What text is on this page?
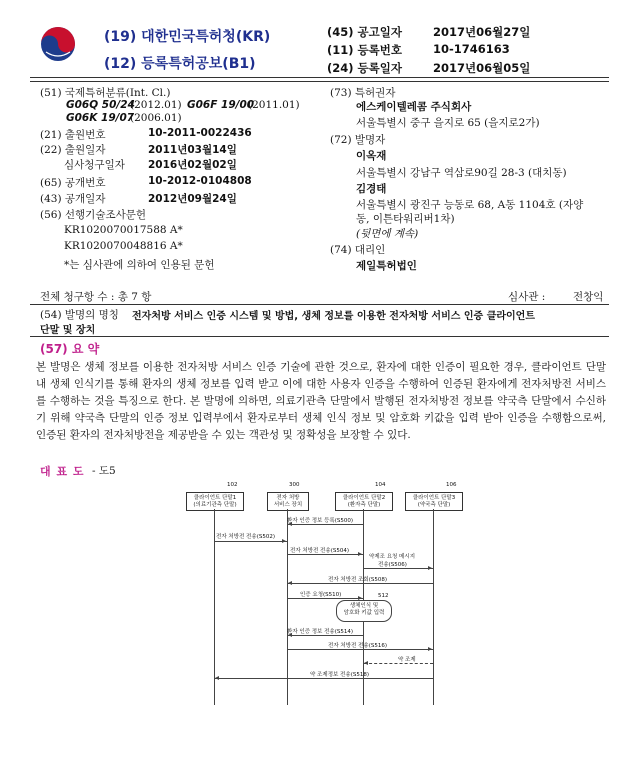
(19) 대한민국특허청(KR)
(12) 등록특허공보(B1)
(45) 공고일자	2017년06월27일
(11) 등록번호	10-1746163
(24) 등록일자	2017년06월05일
(51) 국제특허분류(Int. Cl.)
G06Q 50/24
(2012.01) G06F 19/00
(2011.01)
G06K 19/07
(2006.01)
(21) 출원번호	10-2011-0022436
(22) 출원일자	2011년03월14일
심사청구일자 2016년02월02일
(65) 공개번호	10-2012-0104808
(43) 공개일자	2012년09월24일
(56) 선행기술조사문헌
KR1020070017588 A*
KR1020070048816 A*
*는 심사관에 의하여 인용된 문헌
(73) 특허권자
에스케이텔레콤 주식회사
서울특별시 중구 을지로 65 (을지로2가)
(72) 발명자
이옥재
서울특별시 강남구 역삼로90길 28-3 (대치동)
김경태
서울특별시 광진구 능동로 68, A동 1104호 (자양
동, 이튼타워리버1차)
(뒷면에 계속)
(74) 대리인
제일특허법인
전체 청구항 수 : 총 7 항	심사관 :	전창익
(54) 발명의 명칭 전자처방 서비스 인증 시스템 및 방법, 생체 정보를 이용한 전자처방 서비스 인증 클라이언트
단말 및 장치
(57) 요 약
본 발명은 생체 정보를 이용한 전자처방 서비스 인증 기술에 관한 것으로, 환자에 대한 인증이 필요한 경우, 클라이언트 단말 내 생체 인식기를 통해 환자의 생체 정보를 입력 받고 이에 대한 사용자 인증을 수행하여 인증된 환자에게 전자처방전 서비스를 수행하는 것을 특징으로 한다. 본 발명에 의하면, 의료기관측 단말에서 발행된 전자처방전 정보를 약국측 단말에서 수신하기 위해 약국측 단말의 인증 정보 입력부에서 환자로부터 생체 인식 정보 및 암호화 키값을 입력 받아 인증을 수행함으로써, 인증된 환자의 전자처방전을 제공받을 수 있는 객관성 및 정확성을 보장할 수 있다.
대 표 도 - 도5
102	300	104	106
클라이언트 단말1
(의료기관측 단말)
전자 처방
서비스 장치
클라이언트 단말2
(환자측 단말)
클라이언트 단말3
(약국측 단말)
환자 인증 정보 등록(S500)
전자 처방전 전송(S502)
전자 처방전 전송(S504)
약제조 요청 메시지
전송(S506)
전자 처방전 조회(S508)
인증 요청(S510)	512
생체인식 및
암호화 키값 입력
환자 인증 정보 전송(S514)
전자 처방전 전송(S516)
약 조제
약 조제정보 전송(S518)
